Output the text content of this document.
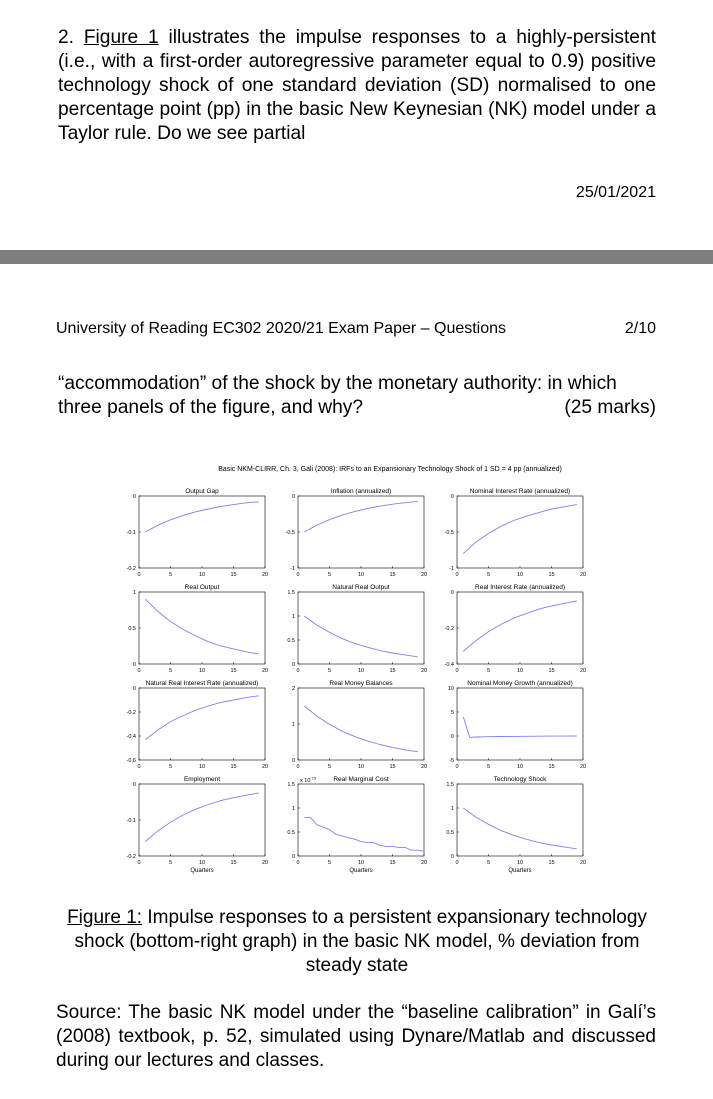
2. Figure 1 illustrates the impulse responses to a highly-persistent (i.e., with a first-order autoregressive parameter equal to 0.9) positive technology shock of one standard deviation (SD) normalised to one percentage point (pp) in the basic New Keynesian (NK) model under a Taylor rule. Do we see partial
25/01/2021
University of Reading EC302 2020/21 Exam Paper – Questions	2/10
“accommodation” of the shock by the monetary authority: in which three panels of the figure, and why?	(25 marks)
Basic NKM-CLIRR, Ch. 3, Gali (2008): IRFs to an Expansionary Technology Shock of 1 SD = 4 pp (annualized)
Output Gap
0
-0.1
-0.2
0	5	10	15	20
Inflation (annualized)
0
-0.5
-1
0	5	10	15	20
Nominal Interest Rate (annualized)
0
-0.5
-1
0	5	10	15	20
Real Output
1
0.5
0
0	5	10	15	20
Natural Real Output
1.5
1
0.5
0
0	5	10	15	20
Real Interest Rate (annualized)
0
-0.2
-0.4
0	5	10	15	20
Natural Real Interest Rate (annualized)
0
-0.2
-0.4
-0.6
0	5	10	15	20
Real Money Balances
2
1
0
0	5	10	15	20
Nominal Money Growth (annualized)
10
5
0
-5
0	5	10	15	20
Employment
0
-0.1
-0.2
0	5	10	15	20
Quarters
Real Marginal Cost
1.5
1
0.5
0
0	5	10	15	20
Quarters
x $10^{-15}$	Technology Shock
1.5
1
0.5
0
0	5	10	15	20
Quarters
Figure 1: Impulse responses to a persistent expansionary technology shock (bottom-right graph) in the basic NK model, % deviation from steady state
Source: The basic NK model under the “baseline calibration” in Galí’s (2008) textbook, p. 52, simulated using Dynare/Matlab and discussed during our lectures and classes.
